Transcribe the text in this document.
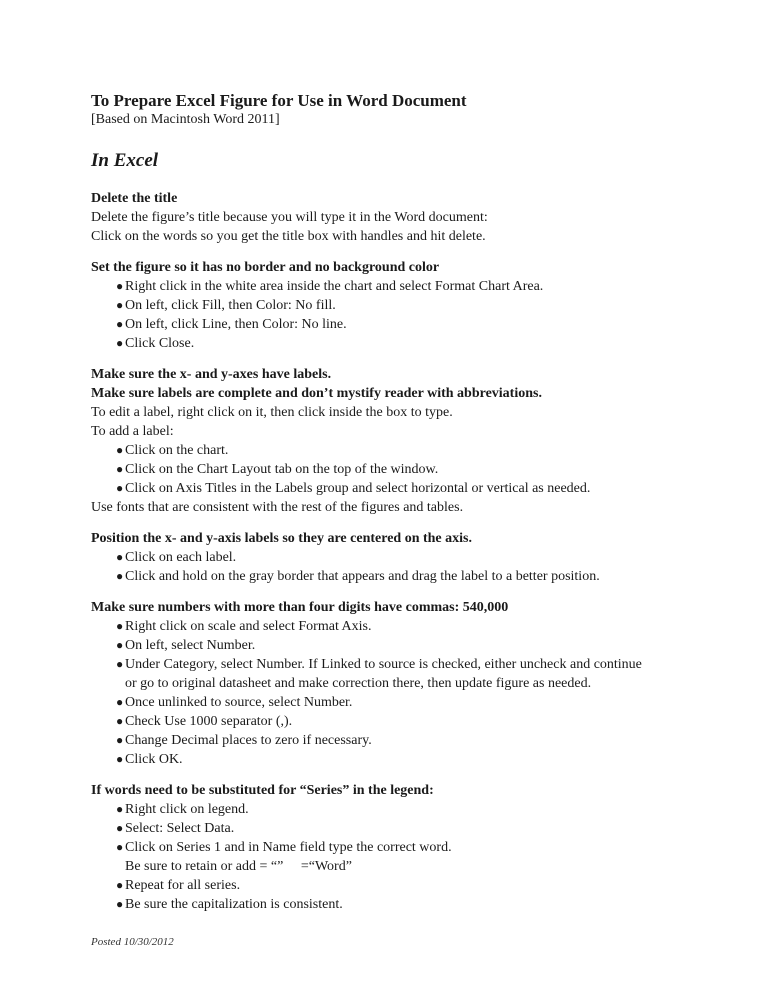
To Prepare Excel Figure for Use in Word Document

[Based on Macintosh Word 2011]

In Excel

Delete the title

Delete the figure’s title because you will type it in the Word document:

Click on the words so you get the title box with handles and hit delete.

Set the figure so it has no border and no background color

● Right click in the white area inside the chart and select Format Chart Area.
● On left, click Fill, then Color: No fill.
● On left, click Line, then Color: No line.
● Click Close.

Make sure the x- and y-axes have labels.

Make sure labels are complete and don’t mystify reader with abbreviations.

To edit a label, right click on it, then click inside the box to type.

To add a label:

● Click on the chart.
● Click on the Chart Layout tab on the top of the window.
● Click on Axis Titles in the Labels group and select horizontal or vertical as needed.

Use fonts that are consistent with the rest of the figures and tables.

Position the x- and y-axis labels so they are centered on the axis.

● Click on each label.
● Click and hold on the gray border that appears and drag the label to a better position.

Make sure numbers with more than four digits have commas: 540,000

● Right click on scale and select Format Axis.
● On left, select Number.
● Under Category, select Number. If Linked to source is checked, either uncheck and continue
or go to original datasheet and make correction there, then update figure as needed.
● Once unlinked to source, select Number.
● Check Use 1000 separator (,).
● Change Decimal places to zero if necessary.
● Click OK.

If words need to be substituted for “Series” in the legend:

● Right click on legend.
● Select: Select Data.
● Click on Series 1 and in Name field type the correct word.
Be sure to retain or add = “”     =“Word”
● Repeat for all series.
● Be sure the capitalization is consistent.
Posted 10/30/2012
